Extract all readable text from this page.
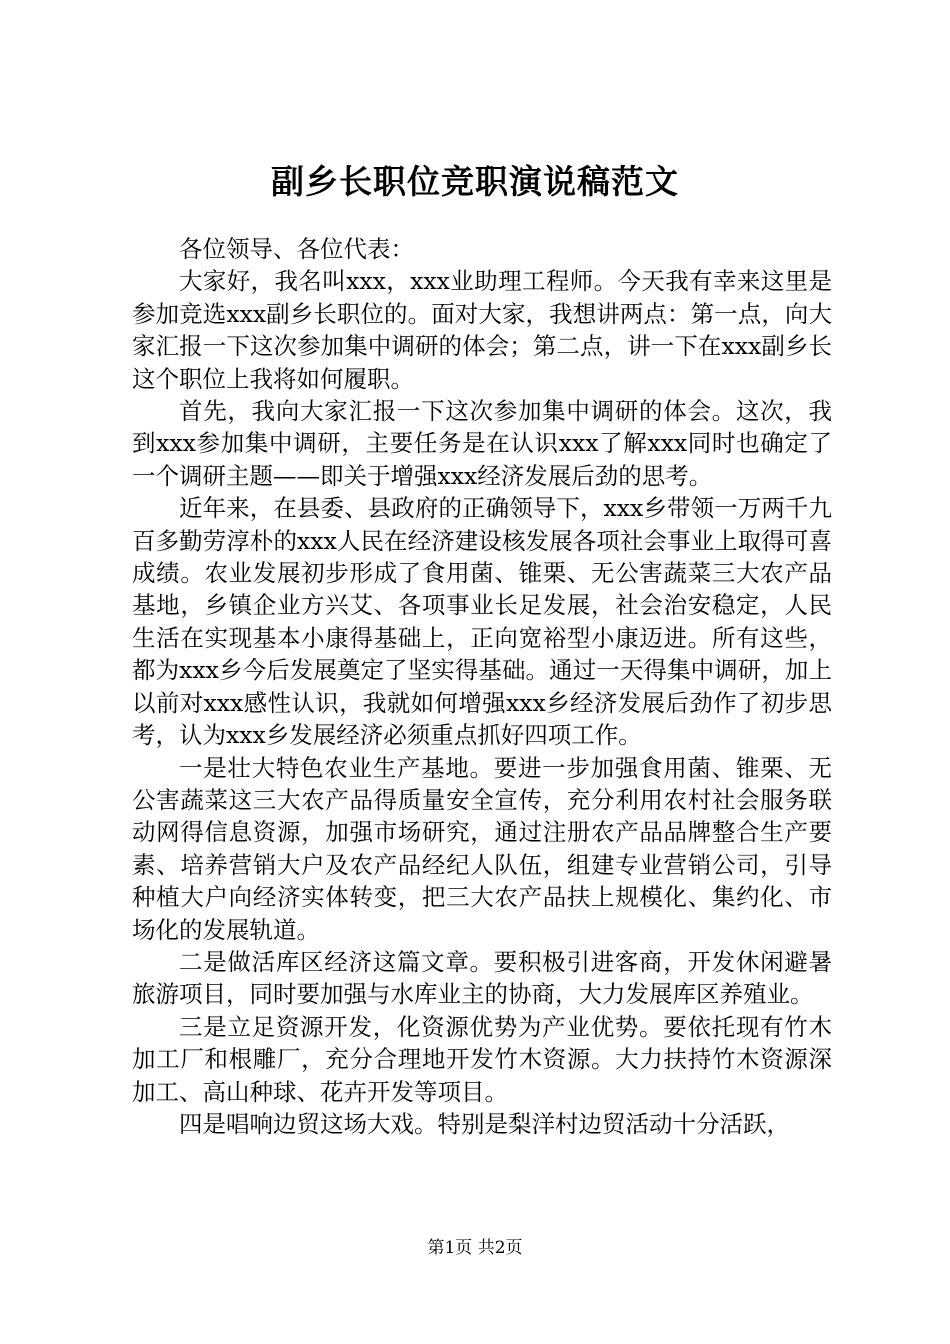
副乡长职位竞职演说稿范文

各位领导、各位代表：

大家好，我名叫xxx，xxx业助理工程师。今天我有幸来这里是参加竞选xxx副乡长职位的。面对大家，我想讲两点：第一点，向大家汇报一下这次参加集中调研的体会；第二点，讲一下在xxx副乡长这个职位上我将如何履职。

首先，我向大家汇报一下这次参加集中调研的体会。这次，我到xxx参加集中调研，主要任务是在认识xxx了解xxx同时也确定了一个调研主题——即关于增强xxx经济发展后劲的思考。

近年来，在县委、县政府的正确领导下，xxx乡带领一万两千九百多勤劳淳朴的xxx人民在经济建设核发展各项社会事业上取得可喜成绩。农业发展初步形成了食用菌、锥栗、无公害蔬菜三大农产品基地，乡镇企业方兴艾、各项事业长足发展，社会治安稳定，人民生活在实现基本小康得基础上，正向宽裕型小康迈进。所有这些，都为xxx乡今后发展奠定了坚实得基础。通过一天得集中调研，加上以前对xxx感性认识，我就如何增强xxx乡经济发展后劲作了初步思考，认为xxx乡发展经济必须重点抓好四项工作。

一是壮大特色农业生产基地。要进一步加强食用菌、锥栗、无公害蔬菜这三大农产品得质量安全宣传，充分利用农村社会服务联动网得信息资源，加强市场研究，通过注册农产品品牌整合生产要素、培养营销大户及农产品经纪人队伍，组建专业营销公司，引导种植大户向经济实体转变，把三大农产品扶上规模化、集约化、市场化的发展轨道。

二是做活库区经济这篇文章。要积极引进客商，开发休闲避暑旅游项目，同时要加强与水库业主的协商，大力发展库区养殖业。

三是立足资源开发，化资源优势为产业优势。要依托现有竹木加工厂和根雕厂，充分合理地开发竹木资源。大力扶持竹木资源深加工、高山种球、花卉开发等项目。

四是唱响边贸这场大戏。特别是梨洋村边贸活动十分活跃，

第1页 共2页
